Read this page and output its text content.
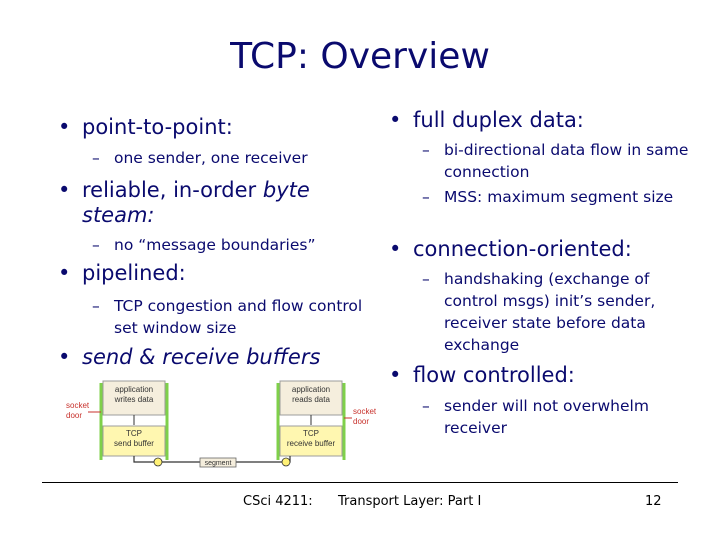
TCP: Overview
• point-to-point:
– one sender, one receiver
• reliable, in-order byte steam:
– no “message boundaries”
• pipelined:
– TCP congestion and flow control set window size
• send & receive buffers
• full duplex data:
– bi-directional data flow in same connection
– MSS: maximum segment size
• connection-oriented:
– handshaking (exchange of control msgs) init’s sender, receiver state before data exchange
• flow controlled:
– sender will not overwhelm receiver
application writes data
application reads data
socket door	socket door
TCP send buffer
TCP receive buffer
segment
CSci 4211: Transport Layer: Part I	12
